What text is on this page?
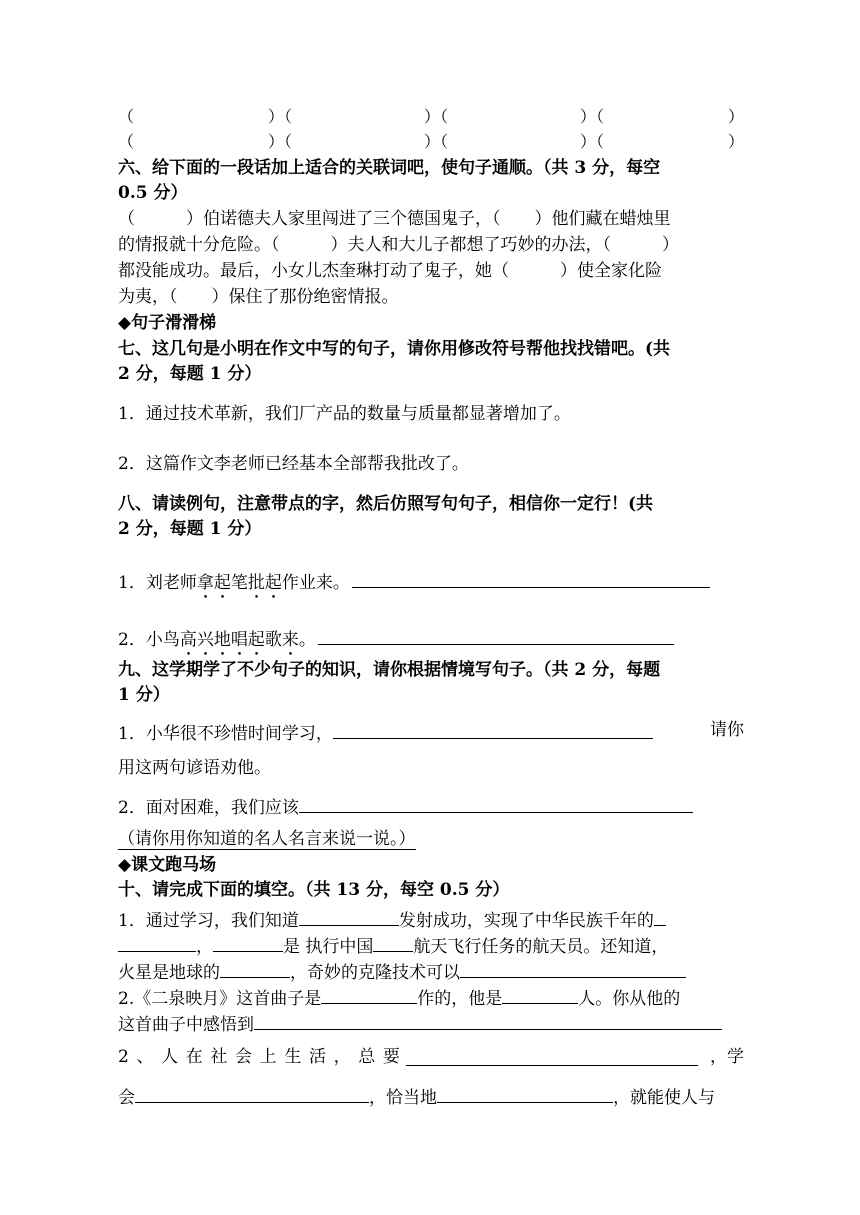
（	）（	）（	）（	）
（	）（	）（	）（	）
六、给下面的一段话加上适合的关联词吧，使句子通顺。（共 3 分，每空
0.5 分）
（　　　）伯诺德夫人家里闯进了三个德国鬼子，（　　）他们藏在蜡烛里
的情报就十分危险。（　　　）夫人和大儿子都想了巧妙的办法，（　　　）
都没能成功。最后，小女儿杰奎琳打动了鬼子，她（　　　）使全家化险
为夷，（　　）保住了那份绝密情报。
◆句子滑滑梯
七、这几句是小明在作文中写的句子，请你用修改符号帮他找找错吧。(共
2 分，每题 1 分）
1．通过技术革新，我们厂产品的数量与质量都显著增加了。
2．这篇作文李老师已经基本全部帮我批改了。
八、请读例句，注意带点的字，然后仿照写句句子，相信你一定行！(共
2 分，每题 1 分）
1．刘老师拿起笔批起作业来。
2．小鸟高兴地唱起歌来。
九、这学期学了不少句子的知识，请你根据情境写句子。（共 2 分，每题
1 分）
1．小华很不珍惜时间学习，	请你
用这两句谚语劝他。
2．面对困难，我们应该
（请你用你知道的名人名言来说一说。）
◆课文跑马场
十、请完成下面的填空。（共 13 分，每空 0.5 分）
1．通过学习，我们知道	发射成功，实现了中华民族千年的
，	是 执行中国 航天飞行任务的航天员。还知道，
火星是地球的	，奇妙的克隆技术可以
2.《二泉映月》这首曲子是	作的，他是	人。你从他的
这首曲子中感悟到
2 、 人 在 社 会 上 生 活 ， 总 要	，学
会	，恰当地	，就能使人与
